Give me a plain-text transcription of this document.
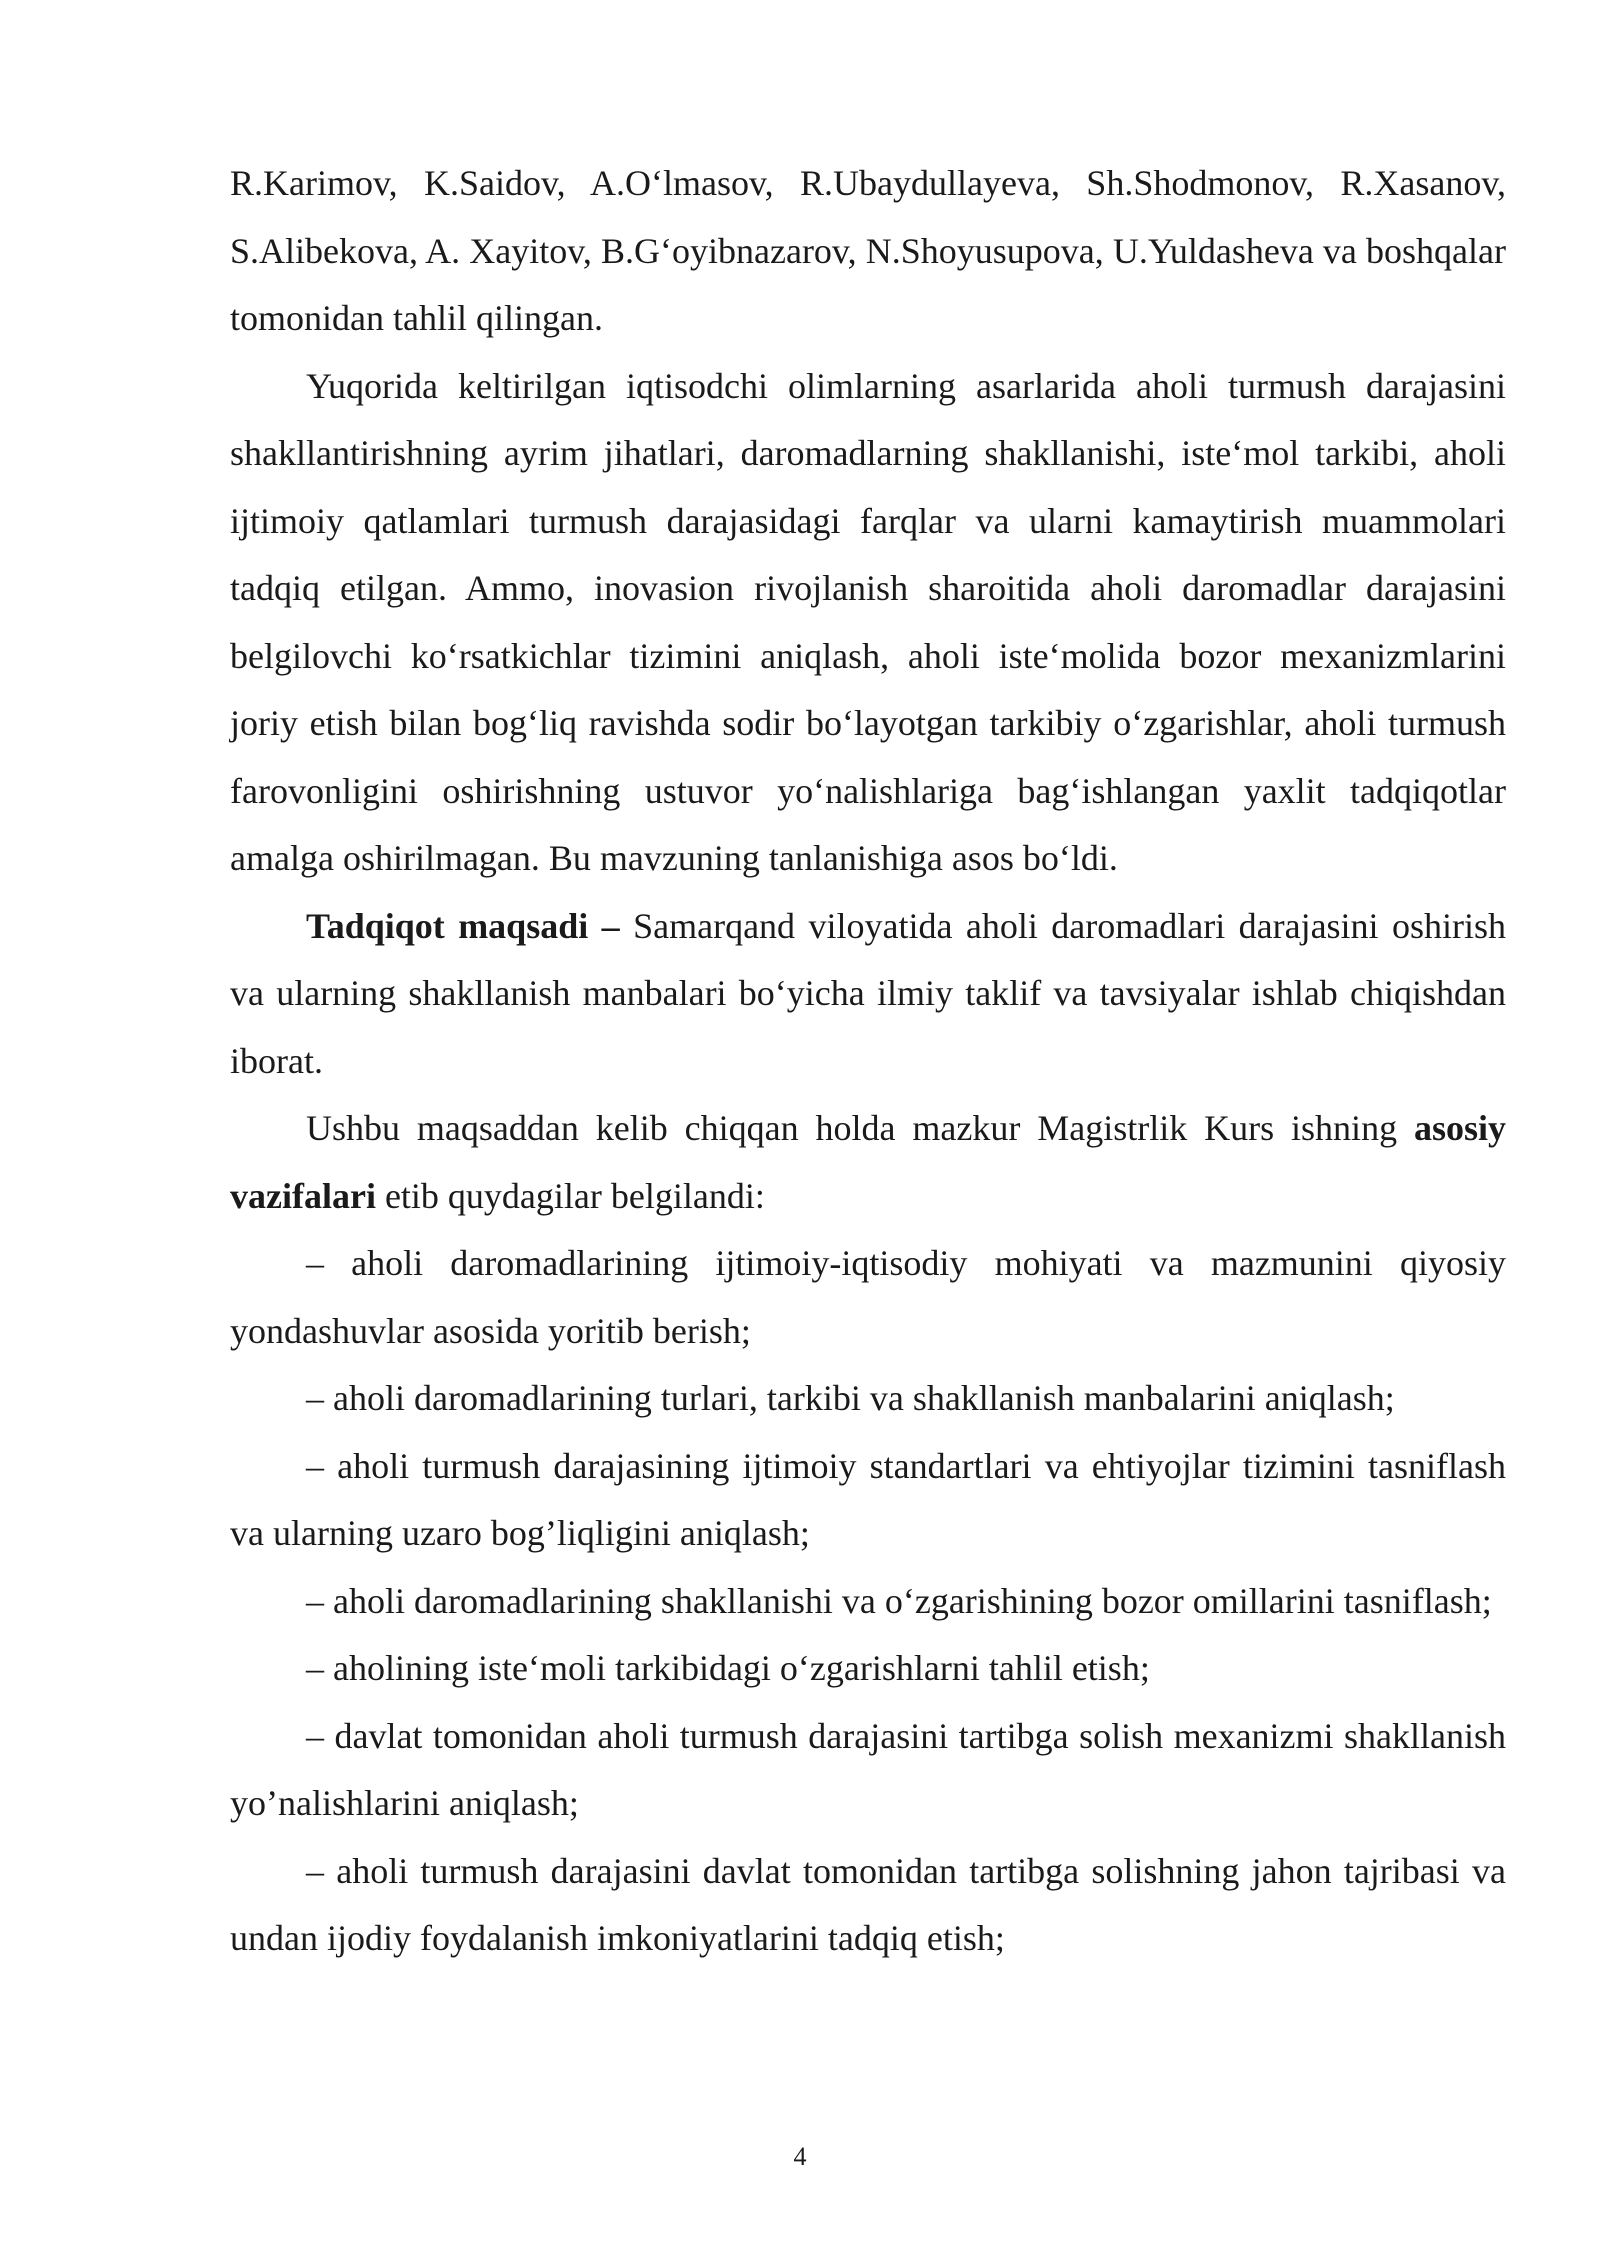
R.Karimov, K.Saidov, A.O‘lmasov, R.Ubaydullayeva, Sh.Shodmonov, R.Xasanov, S.Alibekova, A. Xayitov, B.G‘oyibnazarov, N.Shoyusupova, U.Yuldasheva va boshqalar tomonidan tahlil qilingan.

Yuqorida keltirilgan iqtisodchi olimlarning asarlarida aholi turmush darajasini shakllantirishning ayrim jihatlari, daromadlarning shakllanishi, iste‘mol tarkibi, aholi ijtimoiy qatlamlari turmush darajasidagi farqlar va ularni kamaytirish muammolari tadqiq etilgan. Ammo, inovasion rivojlanish sharoitida aholi daromadlar darajasini belgilovchi ko‘rsatkichlar tizimini aniqlash, aholi iste‘molida bozor mexanizmlarini joriy etish bilan bog‘liq ravishda sodir bo‘layotgan tarkibiy o‘zgarishlar, aholi turmush farovonligini oshirishning ustuvor yo‘nalishlariga bag‘ishlangan yaxlit tadqiqotlar amalga oshirilmagan. Bu mavzuning tanlanishiga asos bo‘ldi.

Tadqiqot maqsadi – Samarqand viloyatida aholi daromadlari darajasini oshirish va ularning shakllanish manbalari bo‘yicha ilmiy taklif va tavsiyalar ishlab chiqishdan iborat.

Ushbu maqsaddan kelib chiqqan holda mazkur Magistrlik Kurs ishning asosiy vazifalari etib quydagilar belgilandi:

– aholi daromadlarining ijtimoiy-iqtisodiy mohiyati va mazmunini qiyosiy yondashuvlar asosida yoritib berish;

– aholi daromadlarining turlari, tarkibi va shakllanish manbalarini aniqlash;

– aholi turmush darajasining ijtimoiy standartlari va ehtiyojlar tizimini tasniflash va ularning uzaro bog’liqligini aniqlash;

– aholi daromadlarining shakllanishi va o‘zgarishining bozor omillarini tasniflash;

– aholining iste‘moli tarkibidagi o‘zgarishlarni tahlil etish;

– davlat tomonidan aholi turmush darajasini tartibga solish mexanizmi shakllanish yo’nalishlarini aniqlash;

– aholi turmush darajasini davlat tomonidan tartibga solishning jahon tajribasi va undan ijodiy foydalanish imkoniyatlarini tadqiq etish;

4
